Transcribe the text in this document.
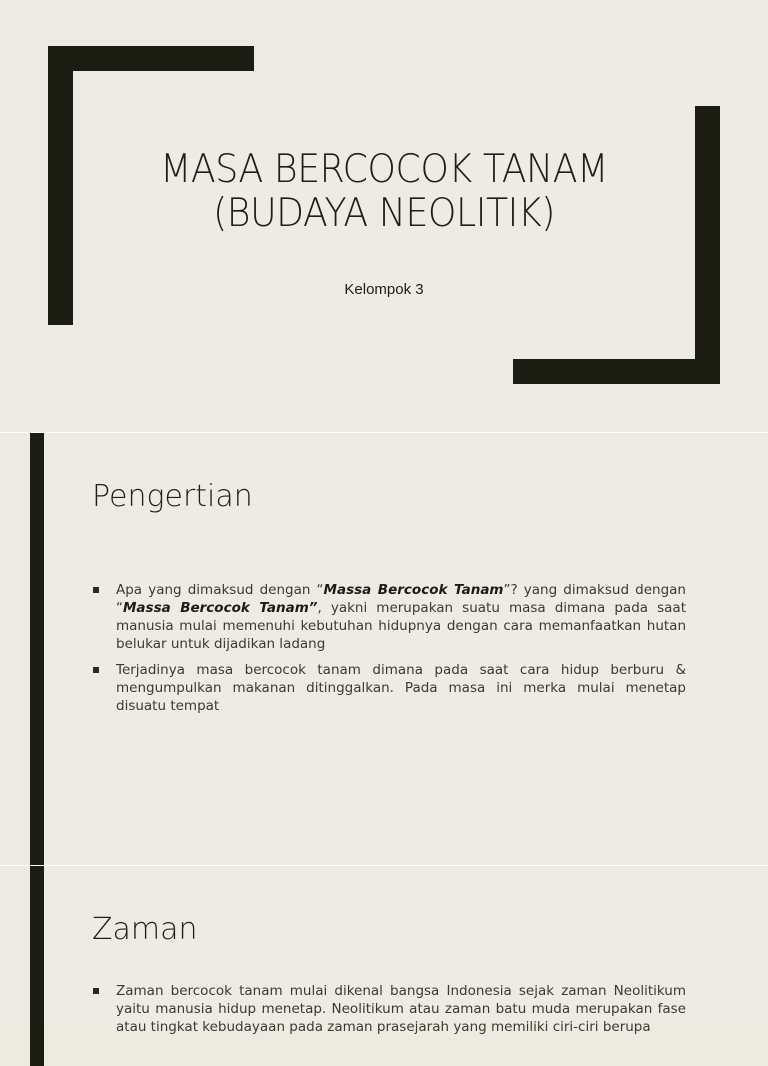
MASA BERCOCOK TANAM
(BUDAYA NEOLITIK)
Kelompok 3
Pengertian
Apa yang dimaksud dengan “Massa Bercocok Tanam”? yang dimaksud dengan “Massa Bercocok Tanam”, yakni merupakan suatu masa dimana pada saat manusia mulai memenuhi kebutuhan hidupnya dengan cara memanfaatkan hutan belukar untuk dijadikan ladang
Terjadinya masa bercocok tanam dimana pada saat cara hidup berburu & mengumpulkan makanan ditinggalkan. Pada masa ini merka mulai menetap disuatu tempat
Zaman
Zaman bercocok tanam mulai dikenal bangsa Indonesia sejak zaman Neolitikum yaitu manusia hidup menetap. Neolitikum atau zaman batu muda merupakan fase atau tingkat kebudayaan pada zaman prasejarah yang memiliki ciri-ciri berupa
